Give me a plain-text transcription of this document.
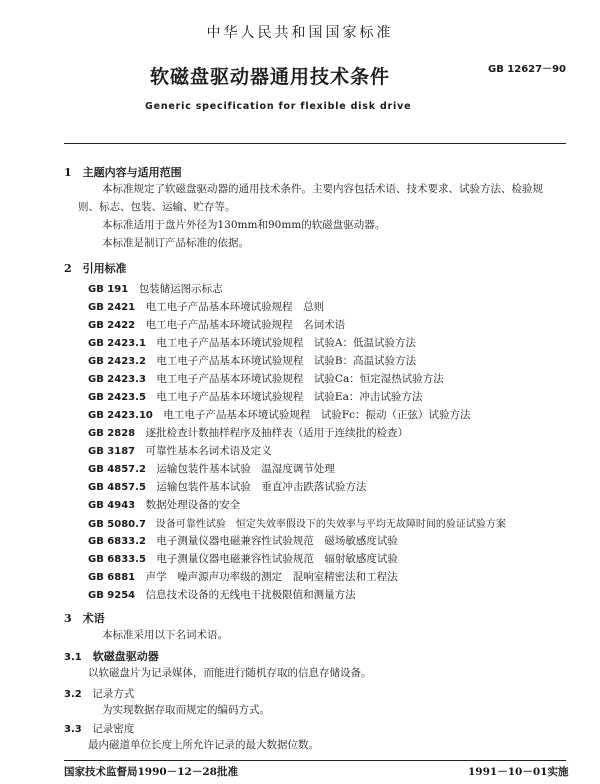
中华人民共和国国家标准
软磁盘驱动器通用技术条件	GB 12627－90
Generic specification for flexible disk drive
1　主题内容与适用范围
本标准规定了软磁盘驱动器的通用技术条件。主要内容包括术语、技术要求、试验方法、检验规则、标志、包装、运输、贮存等。
本标准适用于盘片外径为130mm和90mm的软磁盘驱动器。
本标准是制订产品标准的依据。
2　引用标准
GB 191　 包装储运图示标志
GB 2421　 电工电子产品基本环境试验规程　总则
GB 2422　 电工电子产品基本环境试验规程　名词术语
GB 2423.1　 电工电子产品基本环境试验规程　试验A：低温试验方法
GB 2423.2　 电工电子产品基本环境试验规程　试验B：高温试验方法
GB 2423.3　 电工电子产品基本环境试验规程　试验Ca：恒定湿热试验方法
GB 2423.5　 电工电子产品基本环境试验规程　试验Ea：冲击试验方法
GB 2423.10　 电工电子产品基本环境试验规程　试验Fc：振动（正弦）试验方法
GB 2828　 逐批检查计数抽样程序及抽样表（适用于连续批的检查）
GB 3187　 可靠性基本名词术语及定义
GB 4857.2　 运输包装件基本试验　温湿度调节处理
GB 4857.5　 运输包装件基本试验　垂直冲击跌落试验方法
GB 4943　 数据处理设备的安全
GB 5080.7　 设备可靠性试验　恒定失效率假设下的失效率与平均无故障时间的验证试验方案
GB 6833.2　 电子测量仪器电磁兼容性试验规范　磁场敏感度试验
GB 6833.5　 电子测量仪器电磁兼容性试验规范　辐射敏感度试验
GB 6881　 声学　噪声源声功率级的测定　混响室精密法和工程法
GB 9254　 信息技术设备的无线电干扰极限值和测量方法
3　术语
本标准采用以下名词术语。
3.1　 软磁盘驱动器
以软磁盘片为记录媒体，而能进行随机存取的信息存储设备。
3.2　 记录方式
为实现数据存取而规定的编码方式。
3.3　 记录密度
最内磁道单位长度上所允许记录的最大数据位数。
国家技术监督局1990－12－28批准	1991－10－01实施
